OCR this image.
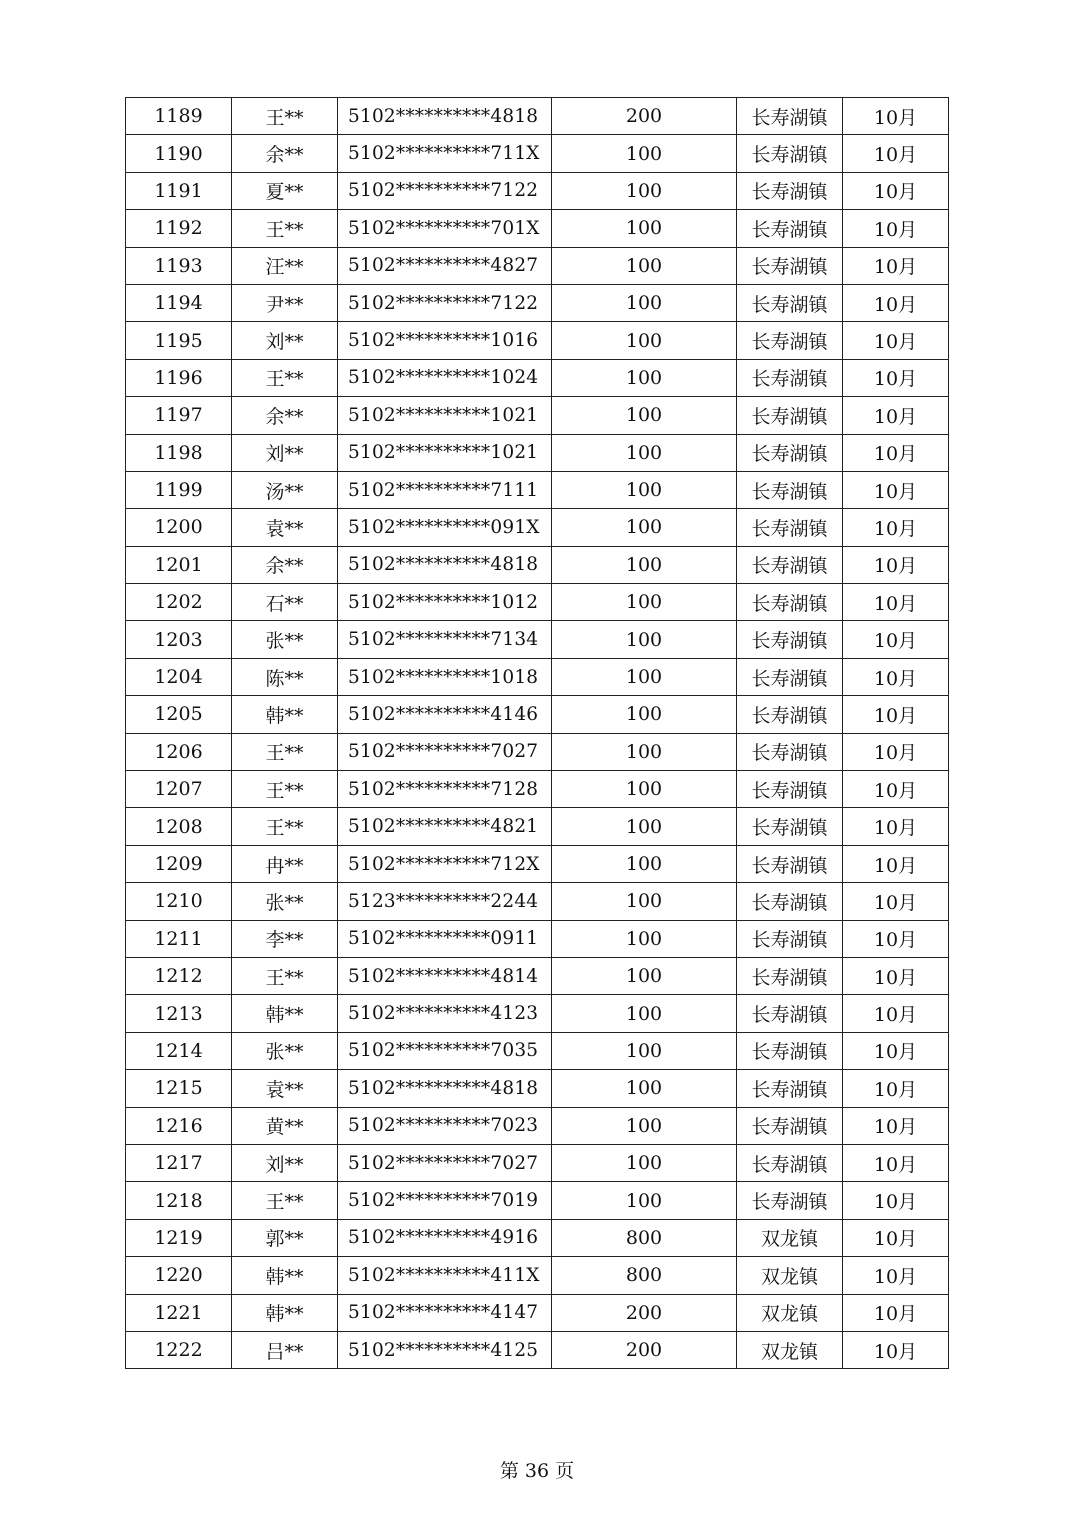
1189	王**	5102**********4818	200	长寿湖镇	10月
1190	余**	5102**********711X	100	长寿湖镇	10月
1191	夏**	5102**********7122	100	长寿湖镇	10月
1192	王**	5102**********701X	100	长寿湖镇	10月
1193	汪**	5102**********4827	100	长寿湖镇	10月
1194	尹**	5102**********7122	100	长寿湖镇	10月
1195	刘**	5102**********1016	100	长寿湖镇	10月
1196	王**	5102**********1024	100	长寿湖镇	10月
1197	余**	5102**********1021	100	长寿湖镇	10月
1198	刘**	5102**********1021	100	长寿湖镇	10月
1199	汤**	5102**********7111	100	长寿湖镇	10月
1200	袁**	5102**********091X	100	长寿湖镇	10月
1201	余**	5102**********4818	100	长寿湖镇	10月
1202	石**	5102**********1012	100	长寿湖镇	10月
1203	张**	5102**********7134	100	长寿湖镇	10月
1204	陈**	5102**********1018	100	长寿湖镇	10月
1205	韩**	5102**********4146	100	长寿湖镇	10月
1206	王**	5102**********7027	100	长寿湖镇	10月
1207	王**	5102**********7128	100	长寿湖镇	10月
1208	王**	5102**********4821	100	长寿湖镇	10月
1209	冉**	5102**********712X	100	长寿湖镇	10月
1210	张**	5123**********2244	100	长寿湖镇	10月
1211	李**	5102**********0911	100	长寿湖镇	10月
1212	王**	5102**********4814	100	长寿湖镇	10月
1213	韩**	5102**********4123	100	长寿湖镇	10月
1214	张**	5102**********7035	100	长寿湖镇	10月
1215	袁**	5102**********4818	100	长寿湖镇	10月
1216	黄**	5102**********7023	100	长寿湖镇	10月
1217	刘**	5102**********7027	100	长寿湖镇	10月
1218	王**	5102**********7019	100	长寿湖镇	10月
1219	郭**	5102**********4916	800	双龙镇	10月
1220	韩**	5102**********411X	800	双龙镇	10月
1221	韩**	5102**********4147	200	双龙镇	10月
1222	吕**	5102**********4125	200	双龙镇	10月
第 36 页
